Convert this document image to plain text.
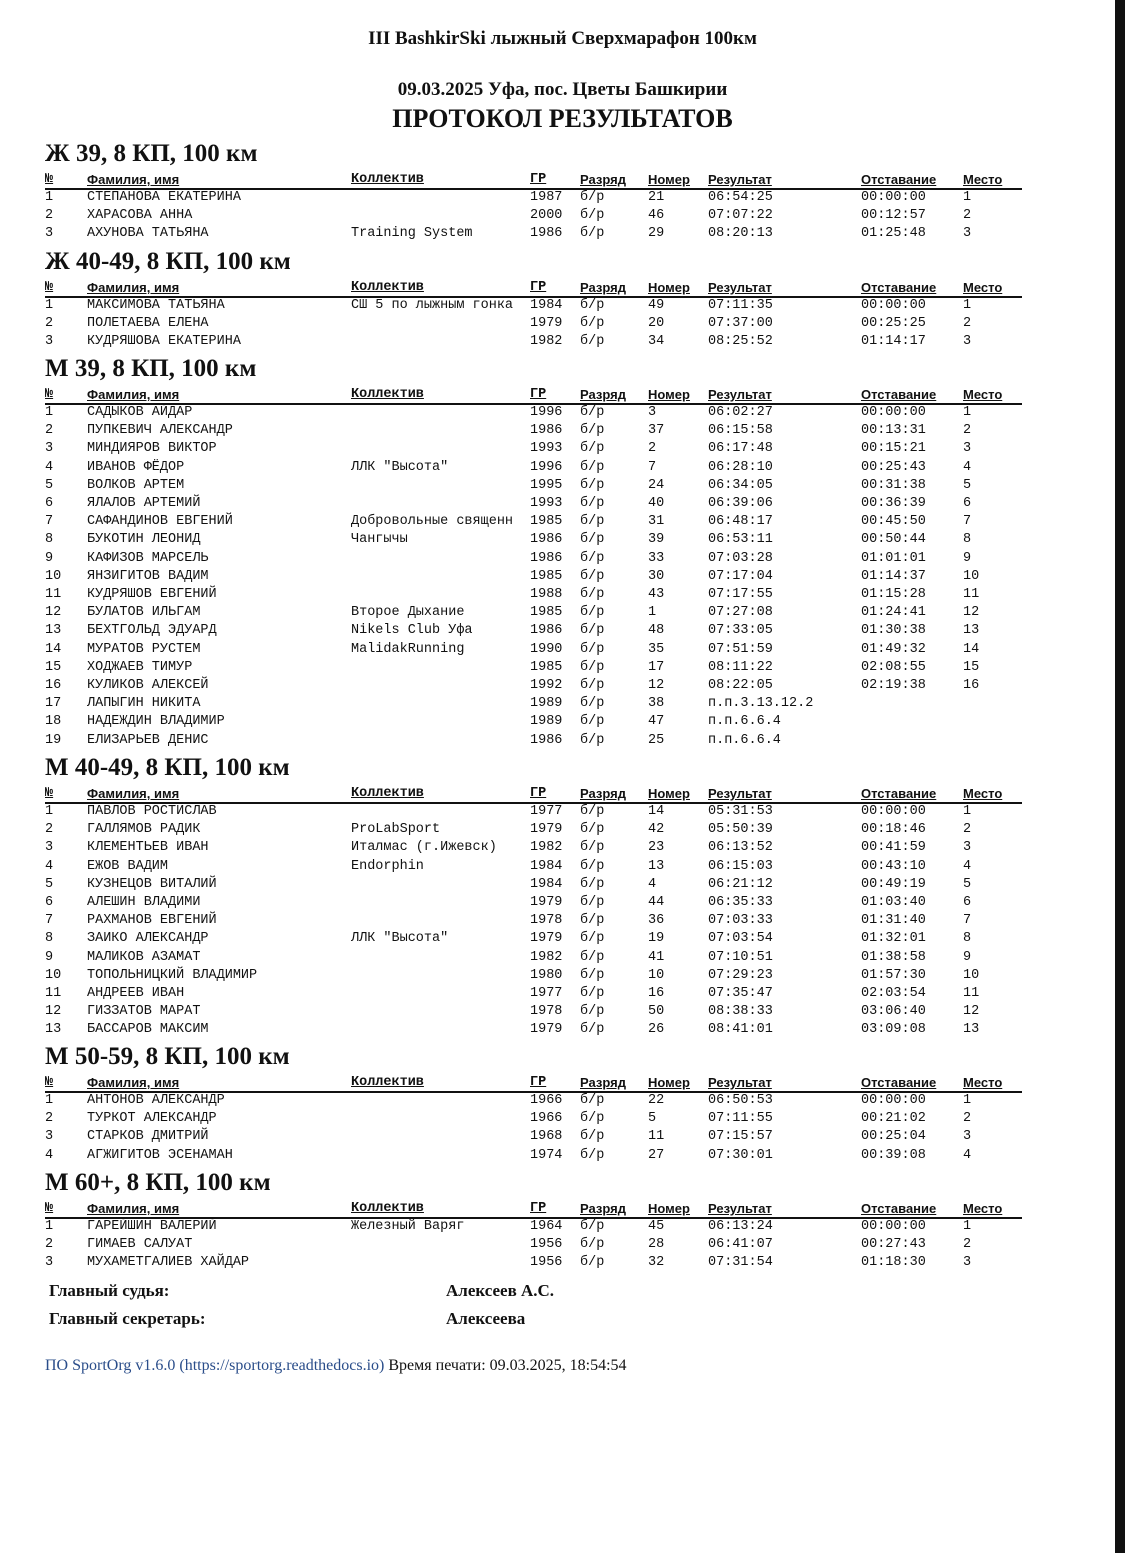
III BashkirSki лыжный Сверхмарафон 100км
09.03.2025 Уфа, пос. Цветы Башкирии
ПРОТОКОЛ РЕЗУЛЬТАТОВ
Ж 39, 8 КП, 100 км
№	Фамилия, имя	Коллектив	ГР	Разряд Номер Результат	Отставание Место
1	СТЕПАНОВА ЕКАТЕРИНА	1987 б/р	21	06:54:25	00:00:00	1
2	ХАРАСОВА АННА	2000 б/р	46	07:07:22	00:12:57	2
3	АХУНОВА ТАТЬЯНА	Training System	1986 б/р	29	08:20:13	01:25:48	3
Ж 40-49, 8 КП, 100 км
№	Фамилия, имя	Коллектив	ГР	Разряд Номер Результат	Отставание Место
1	МАКСИМОВА ТАТЬЯНА	СШ 5 по лыжным гонка 1984 б/р	49	07:11:35	00:00:00	1
2	ПОЛЕТАЕВА ЕЛЕНА	1979 б/р	20	07:37:00	00:25:25	2
3	КУДРЯШОВА ЕКАТЕРИНА	1982 б/р	34	08:25:52	01:14:17	3
М 39, 8 КП, 100 км
№	Фамилия, имя	Коллектив	ГР	Разряд Номер Результат	Отставание Место
1	САДЫКОВ АЙДАР	1996 б/р	3	06:02:27	00:00:00	1
2	ПУПКЕВИЧ АЛЕКСАНДР	1986 б/р	37	06:15:58	00:13:31	2
3	МИНДИЯРОВ ВИКТОР	1993 б/р	2	06:17:48	00:15:21	3
4	ИВАНОВ ФЁДОР	ЛЛК "Высота"	1996 б/р	7	06:28:10	00:25:43	4
5	ВОЛКОВ АРТЕМ	1995 б/р	24	06:34:05	00:31:38	5
6	ЯЛАЛОВ АРТЕМИЙ	1993 б/р	40	06:39:06	00:36:39	6
7	САФАНДИНОВ ЕВГЕНИЙ	Добровольные священн 1985 б/р	31	06:48:17	00:45:50	7
8	БУКОТИН ЛЕОНИД	Чангычы	1986 б/р	39	06:53:11	00:50:44	8
9	КАФИЗОВ МАРСЕЛЬ	1986 б/р	33	07:03:28	01:01:01	9
10 ЯНЗИГИТОВ ВАДИМ	1985 б/р	30	07:17:04	01:14:37	10
11 КУДРЯШОВ ЕВГЕНИЙ	1988 б/р	43	07:17:55	01:15:28	11
12 БУЛАТОВ ИЛЬГАМ	Второе Дыхание	1985 б/р	1	07:27:08	01:24:41	12
13 БЕХТГОЛЬД ЭДУАРД	Nikels Club Уфа	1986 б/р	48	07:33:05	01:30:38	13
14 МУРАТОВ РУСТЕМ	MalidakRunning	1990 б/р	35	07:51:59	01:49:32	14
15 ХОДЖАЕВ ТИМУР	1985 б/р	17	08:11:22	02:08:55	15
16 КУЛИКОВ АЛЕКСЕЙ	1992 б/р	12	08:22:05	02:19:38	16
17 ЛАПЫГИН НИКИТА	1989 б/р	38	п.п.3.13.12.2
18 НАДЕЖДИН ВЛАДИМИР	1989 б/р	47	п.п.6.6.4
19 ЕЛИЗАРЬЕВ ДЕНИС	1986 б/р	25	п.п.6.6.4
М 40-49, 8 КП, 100 км
№	Фамилия, имя	Коллектив	ГР	Разряд Номер Результат	Отставание Место
1	ПАВЛОВ РОСТИСЛАВ	1977 б/р	14	05:31:53	00:00:00	1
2	ГАЛЛЯМОВ РАДИК	ProLabSport	1979 б/р	42	05:50:39	00:18:46	2
3	КЛЕМЕНТЬЕВ ИВАН	Италмас (г.Ижевск) 1982 б/р	23	06:13:52	00:41:59	3
4	ЕЖОВ ВАДИМ	Endorphin	1984 б/р	13	06:15:03	00:43:10	4
5	КУЗНЕЦОВ ВИТАЛИЙ	1984 б/р	4	06:21:12	00:49:19	5
6	АЛЕШИН ВЛАДИМИ	1979 б/р	44	06:35:33	01:03:40	6
7	РАХМАНОВ ЕВГЕНИЙ	1978 б/р	36	07:03:33	01:31:40	7
8	ЗАИКО АЛЕКСАНДР	ЛЛК "Высота"	1979 б/р	19	07:03:54	01:32:01	8
9	МАЛИКОВ АЗАМАТ	1982 б/р	41	07:10:51	01:38:58	9
10 ТОПОЛЬНИЦКИЙ ВЛАДИМИР	1980 б/р	10	07:29:23	01:57:30	10
11 АНДРЕЕВ ИВАН	1977 б/р	16	07:35:47	02:03:54	11
12 ГИЗЗАТОВ МАРАТ	1978 б/р	50	08:38:33	03:06:40	12
13 БАССАРОВ МАКСИМ	1979 б/р	26	08:41:01	03:09:08	13
М 50-59, 8 КП, 100 км
№	Фамилия, имя	Коллектив	ГР	Разряд Номер Результат	Отставание Место
1	АНТОНОВ АЛЕКСАНДР	1966 б/р	22	06:50:53	00:00:00	1
2	ТУРКОТ АЛЕКСАНДР	1966 б/р	5	07:11:55	00:21:02	2
3	СТАРКОВ ДМИТРИЙ	1968 б/р	11	07:15:57	00:25:04	3
4	АГЖИГИТОВ ЭСЕНАМАН	1974 б/р	27	07:30:01	00:39:08	4
М 60+, 8 КП, 100 км
№	Фамилия, имя	Коллектив	ГР	Разряд Номер Результат	Отставание Место
1	ГАРЕЙШИН ВАЛЕРИЙ	Железный Варяг	1964 б/р	45	06:13:24	00:00:00	1
2	ГИМАЕВ САЛУАТ	1956 б/р	28	06:41:07	00:27:43	2
3	МУХАМЕТГАЛИЕВ ХАЙДАР	1956 б/р	32	07:31:54	01:18:30	3
Главный судья:	Алексеев А.С.
Главный секретарь:	Алексеева
ПО SportOrg v1.6.0 (https://sportorg.readthedocs.io) Время печати: 09.03.2025, 18:54:54
